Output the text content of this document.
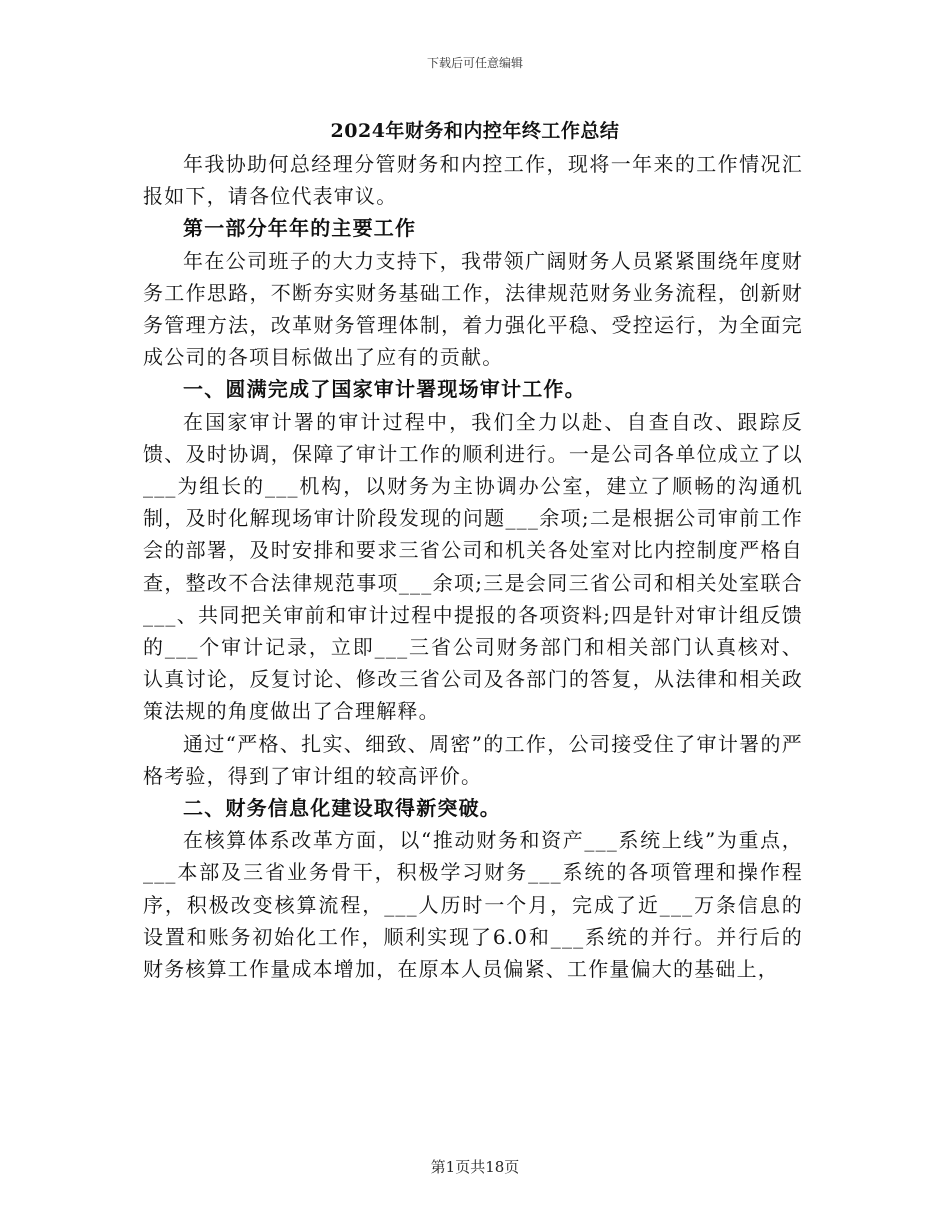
下载后可任意编辑
2024年财务和内控年终工作总结

年我协助何总经理分管财务和内控工作，现将一年来的工作情况汇报如下，请各位代表审议。

第一部分年年的主要工作

年在公司班子的大力支持下，我带领广阔财务人员紧紧围绕年度财务工作思路，不断夯实财务基础工作，法律规范财务业务流程，创新财务管理方法，改革财务管理体制，着力强化平稳、受控运行，为全面完成公司的各项目标做出了应有的贡献。

一、圆满完成了国家审计署现场审计工作。

在国家审计署的审计过程中，我们全力以赴、自查自改、跟踪反馈、及时协调，保障了审计工作的顺利进行。一是公司各单位成立了以___为组长的___机构，以财务为主协调办公室，建立了顺畅的沟通机制，及时化解现场审计阶段发现的问题___余项;二是根据公司审前工作会的部署，及时安排和要求三省公司和机关各处室对比内控制度严格自查，整改不合法律规范事项___余项;三是会同三省公司和相关处室联合___、共同把关审前和审计过程中提报的各项资料;四是针对审计组反馈的___个审计记录，立即___三省公司财务部门和相关部门认真核对、认真讨论，反复讨论、修改三省公司及各部门的答复，从法律和相关政策法规的角度做出了合理解释。

通过“严格、扎实、细致、周密”的工作，公司接受住了审计署的严格考验，得到了审计组的较高评价。

二、财务信息化建设取得新突破。

在核算体系改革方面，以“推动财务和资产___系统上线”为重点，___本部及三省业务骨干，积极学习财务___系统的各项管理和操作程序，积极改变核算流程，___人历时一个月，完成了近___万条信息的设置和账务初始化工作，顺利实现了6.0和___系统的并行。并行后的财务核算工作量成本增加，在原本人员偏紧、工作量偏大的基础上，

第1页共18页
